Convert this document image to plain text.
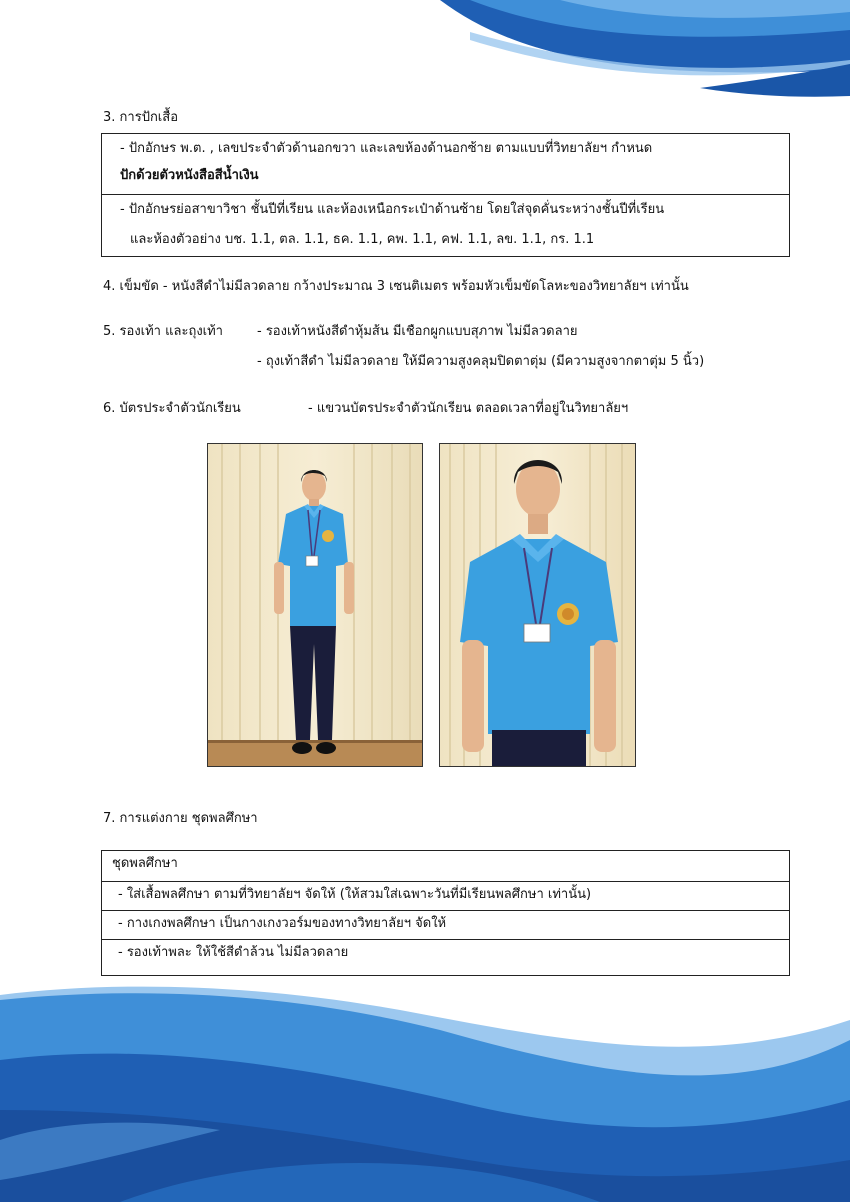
3. การปักเสื้อ
- ปักอักษร พ.ต. , เลขประจำตัวด้านอกขวา และเลขห้องด้านอกซ้าย ตามแบบที่วิทยาลัยฯ กำหนด
ปักด้วยตัวหนังสือสีน้ำเงิน
- ปักอักษรย่อสาขาวิชา ชั้นปีที่เรียน และห้องเหนือกระเป๋าด้านซ้าย โดยใส่จุดคั่นระหว่างชั้นปีที่เรียน
และห้องตัวอย่าง บช. 1.1, ตล. 1.1, ธค. 1.1, คพ. 1.1, คฟ. 1.1, ลข. 1.1, กร. 1.1
4. เข็มขัด - หนังสีดำไม่มีลวดลาย กว้างประมาณ 3 เซนติเมตร พร้อมหัวเข็มขัดโลหะของวิทยาลัยฯ เท่านั้น
5. รองเท้า และถุงเท้า	- รองเท้าหนังสีดำหุ้มส้น มีเชือกผูกแบบสุภาพ ไม่มีลวดลาย
- ถุงเท้าสีดำ ไม่มีลวดลาย ให้มีความสูงคลุมปิดตาตุ่ม (มีความสูงจากตาตุ่ม 5 นิ้ว)
6. บัตรประจำตัวนักเรียน	- แขวนบัตรประจำตัวนักเรียน ตลอดเวลาที่อยู่ในวิทยาลัยฯ
7. การแต่งกาย ชุดพลศึกษา
ชุดพลศึกษา
- ใส่เสื้อพลศึกษา ตามที่วิทยาลัยฯ จัดให้ (ให้สวมใส่เฉพาะวันที่มีเรียนพลศึกษา เท่านั้น)
- กางเกงพลศึกษา เป็นกางเกงวอร์มของทางวิทยาลัยฯ จัดให้
- รองเท้าพละ ให้ใช้สีดำล้วน ไม่มีลวดลาย
